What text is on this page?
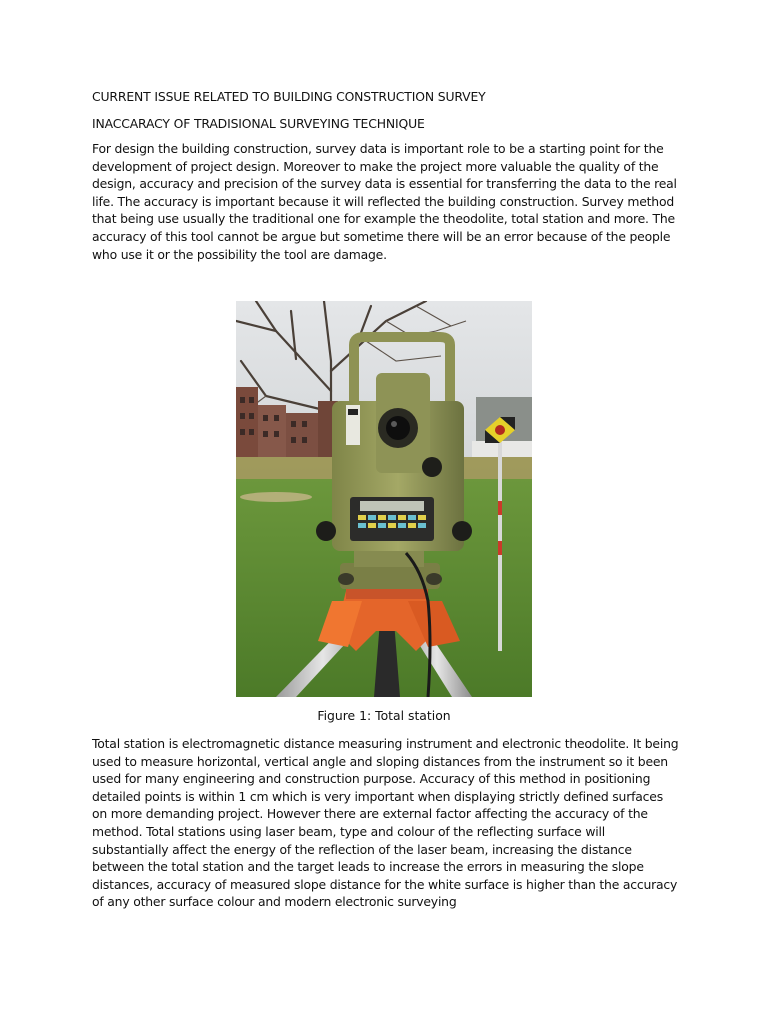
CURRENT ISSUE RELATED TO BUILDING CONSTRUCTION SURVEY
INACCARACY OF TRADISIONAL SURVEYING TECHNIQUE

For design the building construction, survey data is important role to be a starting point for the development of project design. Moreover to make the project more valuable the quality of the design, accuracy and precision of the survey data is essential for transferring the data to the real life. The accuracy is important because it will reflected the building construction. Survey method that being use usually the traditional one for example the theodolite, total station and more. The accuracy of this tool cannot be argue but sometime there will be an error because of the people who use it or the possibility the tool are damage.

Figure 1: Total station

Total station is electromagnetic distance measuring instrument and electronic theodolite. It being used to measure horizontal, vertical angle and sloping distances from the instrument so it been used for many engineering and construction purpose. Accuracy of this method in positioning detailed points is within 1 cm which is very important when displaying strictly defined surfaces on more demanding project. However there are external factor affecting the accuracy of the method. Total stations using laser beam, type and colour of the reflecting surface will substantially affect the energy of the reflection of the laser beam, increasing the distance between the total station and the target leads to increase the errors in measuring the slope distances, accuracy of measured slope distance for the white surface is higher than the accuracy of any other surface colour and modern electronic surveying
